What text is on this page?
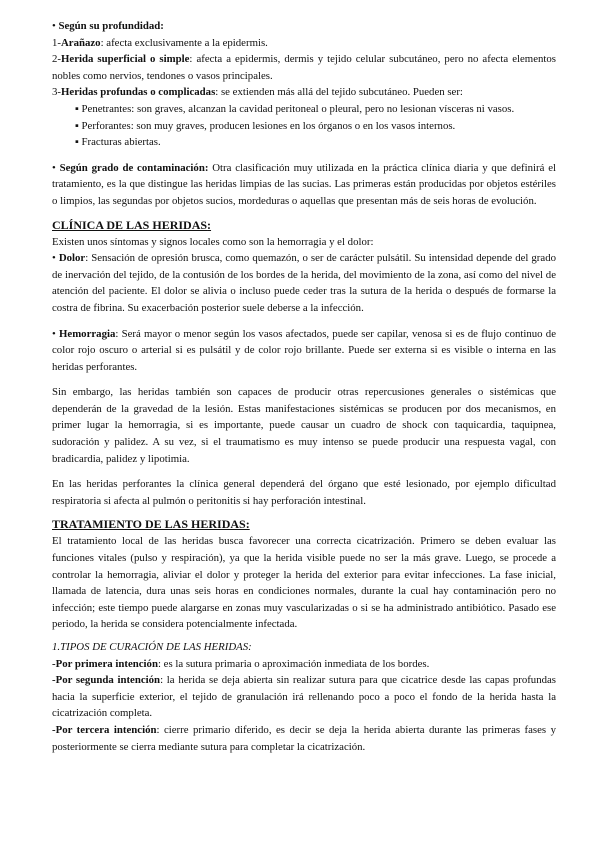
• Según su profundidad:

1-Arañazo: afecta exclusivamente a la epidermis.

2-Herida superficial o simple: afecta a epidermis, dermis y tejido celular subcutáneo, pero no afecta elementos nobles como nervios, tendones o vasos principales.

3-Heridas profundas o complicadas: se extienden más allá del tejido subcutáneo. Pueden ser:

▪ Penetrantes: son graves, alcanzan la cavidad peritoneal o pleural, pero no lesionan vísceras ni vasos.

▪ Perforantes: son muy graves, producen lesiones en los órganos o en los vasos internos.

▪ Fracturas abiertas.

• Según grado de contaminación: Otra clasificación muy utilizada en la práctica clínica diaria y que definirá el tratamiento, es la que distingue las heridas limpias de las sucias. Las primeras están producidas por objetos estériles o limpios, las segundas por objetos sucios, mordeduras o aquellas que presentan más de seis horas de evolución.

CLÍNICA DE LAS HERIDAS:

Existen unos síntomas y signos locales como son la hemorragia y el dolor:

• Dolor: Sensación de opresión brusca, como quemazón, o ser de carácter pulsátil. Su intensidad depende del grado de inervación del tejido, de la contusión de los bordes de la herida, del movimiento de la zona, así como del nivel de atención del paciente. El dolor se alivia o incluso puede ceder tras la sutura de la herida o después de formarse la costra de fibrina. Su exacerbación posterior suele deberse a la infección.

• Hemorragia: Será mayor o menor según los vasos afectados, puede ser capilar, venosa si es de flujo continuo de color rojo oscuro o arterial si es pulsátil y de color rojo brillante. Puede ser externa si es visible o interna en las heridas perforantes.

Sin embargo, las heridas también son capaces de producir otras repercusiones generales o sistémicas que dependerán de la gravedad de la lesión. Estas manifestaciones sistémicas se producen por dos mecanismos, en primer lugar la hemorragia, si es importante, puede causar un cuadro de shock con taquicardia, taquipnea, sudoración y palidez. A su vez, si el traumatismo es muy intenso se puede producir una respuesta vagal, con bradicardia, palidez y lipotimia.

En las heridas perforantes la clínica general dependerá del órgano que esté lesionado, por ejemplo dificultad respiratoria si afecta al pulmón o peritonitis si hay perforación intestinal.

TRATAMIENTO DE LAS HERIDAS:

El tratamiento local de las heridas busca favorecer una correcta cicatrización. Primero se deben evaluar las funciones vitales (pulso y respiración), ya que la herida visible puede no ser la más grave. Luego, se procede a controlar la hemorragia, aliviar el dolor y proteger la herida del exterior para evitar infecciones. La fase inicial, llamada de latencia, dura unas seis horas en condiciones normales, durante la cual hay contaminación pero no infección; este tiempo puede alargarse en zonas muy vascularizadas o si se ha administrado antibiótico. Pasado ese periodo, la herida se considera potencialmente infectada.

1.TIPOS DE CURACIÓN DE LAS HERIDAS:

-Por primera intención: es la sutura primaria o aproximación inmediata de los bordes.

-Por segunda intención: la herida se deja abierta sin realizar sutura para que cicatrice desde las capas profundas hacia la superficie exterior, el tejido de granulación irá rellenando poco a poco el fondo de la herida hasta la cicatrización completa.

-Por tercera intención: cierre primario diferido, es decir se deja la herida abierta durante las primeras fases y posteriormente se cierra mediante sutura para completar la cicatrización.
